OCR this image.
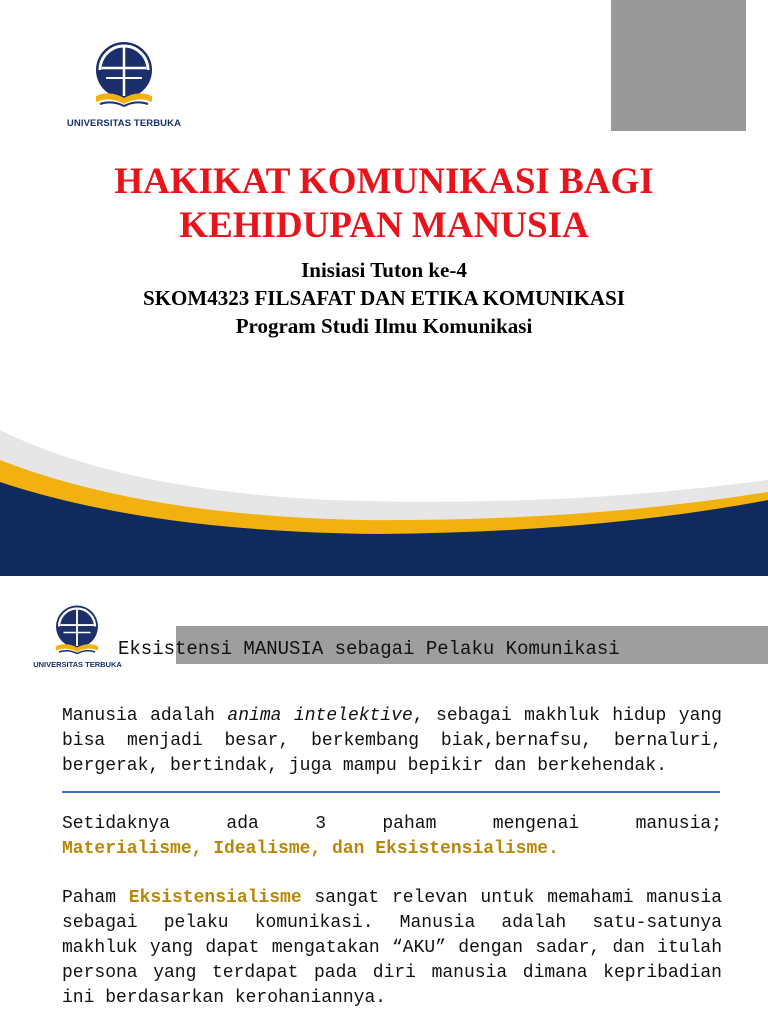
UNIVERSITAS TERBUKA
HAKIKAT KOMUNIKASI BAGI
KEHIDUPAN MANUSIA
Inisiasi Tuton ke-4
SKOM4323 FILSAFAT DAN ETIKA KOMUNIKASI
Program Studi Ilmu Komunikasi
UNIVERSITAS TERBUKA
Eksistensi MANUSIA sebagai Pelaku Komunikasi
Manusia adalah anima intelektive, sebagai makhluk hidup yang bisa menjadi besar, berkembang biak,bernafsu, bernaluri, bergerak, bertindak, juga mampu bepikir dan berkehendak.
Setidaknya ada 3 paham mengenai manusia;
Materialisme, Idealisme, dan Eksistensialisme.
Paham Eksistensialisme sangat relevan untuk memahami manusia sebagai pelaku komunikasi. Manusia adalah satu-satunya makhluk yang dapat mengatakan “AKU” dengan sadar, dan itulah persona yang terdapat pada diri manusia dimana kepribadian ini berdasarkan kerohaniannya.
